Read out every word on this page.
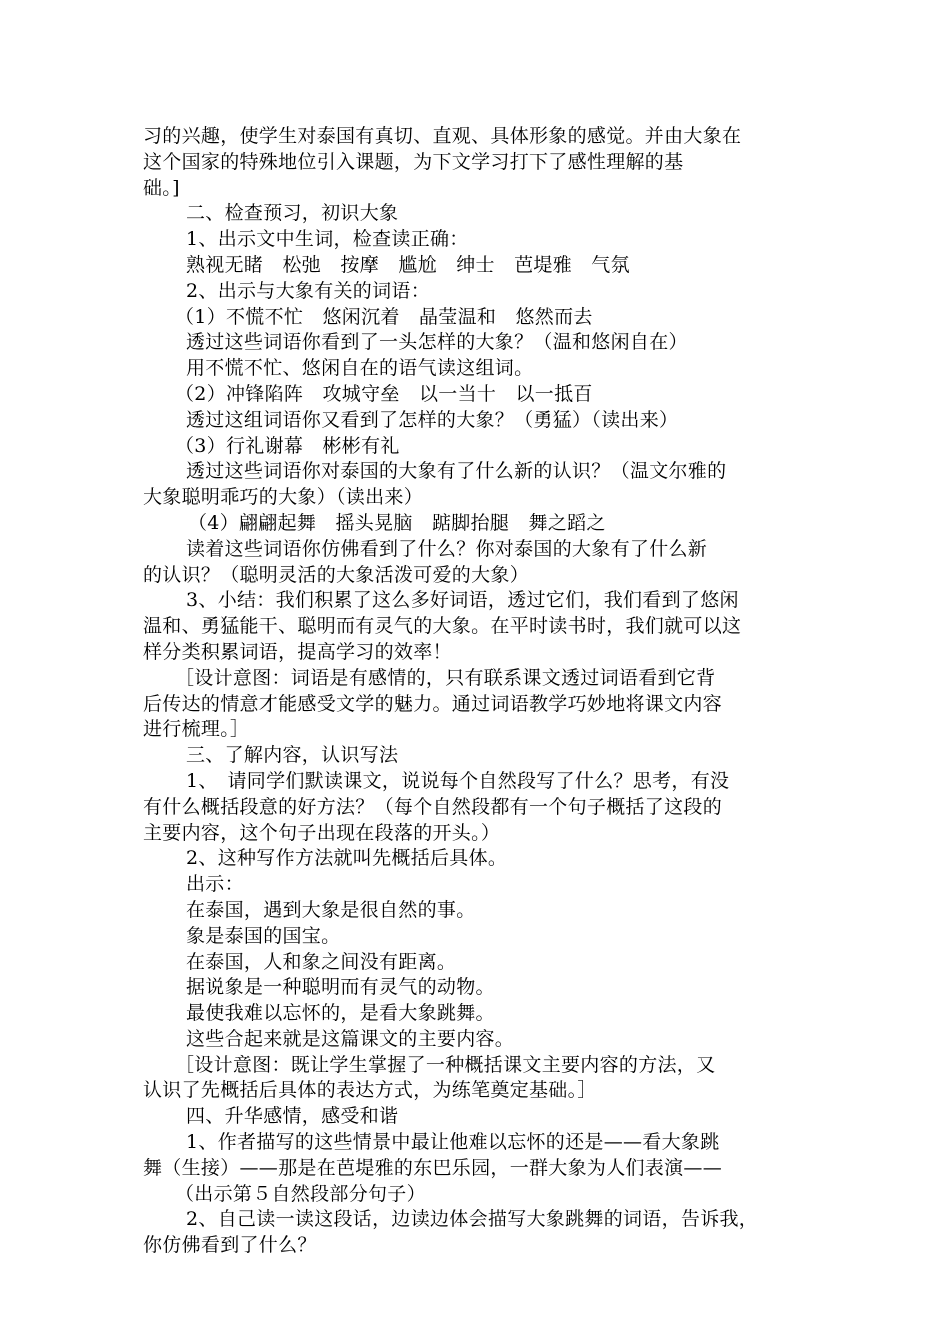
习的兴趣，使学生对泰国有真切、直观、具体形象的感觉。并由大象在
这个国家的特殊地位引入课题，为下文学习打下了感性理解的基
础。]
二、检查预习，初识大象
1、出示文中生词，检查读正确：
熟视无睹　松弛　按摩　尴尬　绅士　芭堤雅　气氛
2、出示与大象有关的词语：
（1）不慌不忙　悠闲沉着　晶莹温和　悠然而去
透过这些词语你看到了一头怎样的大象？（温和悠闲自在）
用不慌不忙、悠闲自在的语气读这组词。
（2）冲锋陷阵　攻城守垒　以一当十　以一抵百
透过这组词语你又看到了怎样的大象？（勇猛）（读出来）
（3）行礼谢幕　彬彬有礼
透过这些词语你对泰国的大象有了什么新的认识？（温文尔雅的
大象聪明乖巧的大象）（读出来）
（4）翩翩起舞　摇头晃脑　踮脚抬腿　舞之蹈之
读着这些词语你仿佛看到了什么？你对泰国的大象有了什么新
的认识？（聪明灵活的大象活泼可爱的大象）
3、小结：我们积累了这么多好词语，透过它们，我们看到了悠闲
温和、勇猛能干、聪明而有灵气的大象。在平时读书时，我们就可以这
样分类积累词语，提高学习的效率！
［设计意图：词语是有感情的，只有联系课文透过词语看到它背
后传达的情意才能感受文学的魅力。通过词语教学巧妙地将课文内容
进行梳理。］
三、了解内容，认识写法
1、　请同学们默读课文，说说每个自然段写了什么？思考，有没
有什么概括段意的好方法？（每个自然段都有一个句子概括了这段的
主要内容，这个句子出现在段落的开头。）
2、这种写作方法就叫先概括后具体。
出示：
在泰国，遇到大象是很自然的事。
象是泰国的国宝。
在泰国，人和象之间没有距离。
据说象是一种聪明而有灵气的动物。
最使我难以忘怀的，是看大象跳舞。
这些合起来就是这篇课文的主要内容。
［设计意图：既让学生掌握了一种概括课文主要内容的方法，又
认识了先概括后具体的表达方式，为练笔奠定基础。］
四、升华感情，感受和谐
1、作者描写的这些情景中最让他难以忘怀的还是——看大象跳
舞（生接）——那是在芭堤雅的东巴乐园，一群大象为人们表演——
（出示第５自然段部分句子）
2、自己读一读这段话，边读边体会描写大象跳舞的词语，告诉我，
你仿佛看到了什么？
